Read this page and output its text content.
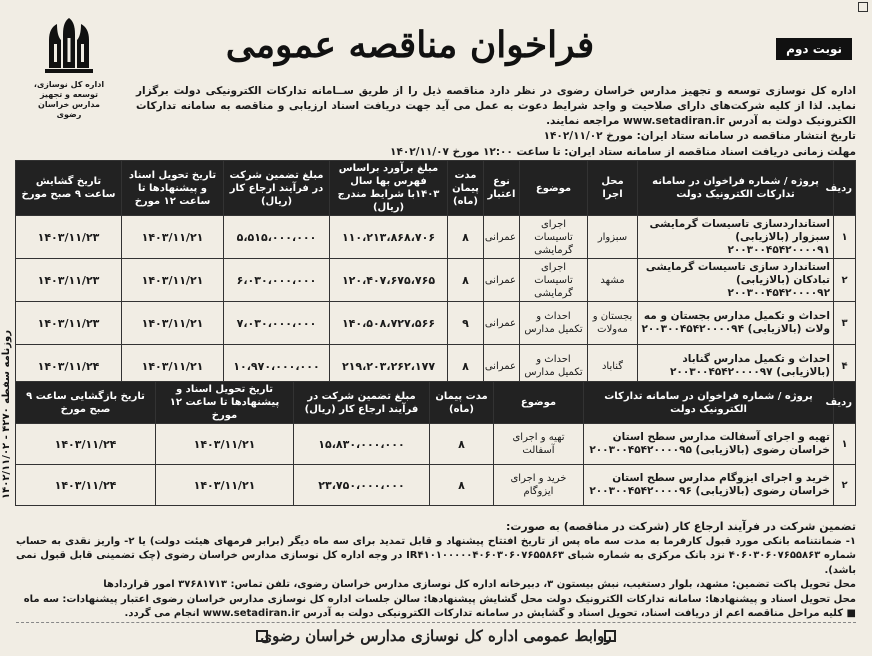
روزنامه سفطه ۴۲۷۰ - ۱۴۰۲/۱۱/۰۲
اداره کل نوسازی، توسعه و تجهیز
مدارس خراسان رضوی
فراخوان مناقصه عمومی	نوبت دوم
اداره کل نوسازی توسعه و تجهیز مدارس خراسان رضوی در نظر دارد مناقصه ذیل را از طریق ســامانه تدارکات الکترونیکی دولت برگزار نماید. لذا از کلیه شرکت‌های دارای صلاحیت و واجد شرایط دعوت به عمل می آید جهت دریافت اسناد ارزیابی و مناقصه به سامانه تدارکات الکترونیک دولت به آدرس www.setadiran.ir مراجعه نمایند.
تاریخ انتشار مناقصه در سامانه ستاد ایران: مورخ ۱۴۰۲/۱۱/۰۲
مهلت زمانی دریافت اسناد مناقصه از سامانه ستاد ایران: تا ساعت ۱۲:۰۰ مورخ ۱۴۰۲/۱۱/۰۷
ردیف	پروژه / شماره فراخوان در سامانه تدارکات الکترونیک دولت	محل اجرا	موضوع	نوع اعتبار	مدت پیمان (ماه)	مبلغ برآورد براساس فهرس بها سال ۱۴۰۳با شرایط مندرج (ریال)	مبلغ تضمین شرکت در فرآیند ارجاع کار (ریال)	تاریخ تحویل اسناد و پیشنهادها تا ساعت ۱۲ مورخ	تاریخ گشایش ساعت ۹ صبح مورخ
۱	استانداردسازی تاسیسات گرمایشی سبزوار (بالازیابی) ۲۰۰۳۰۰۴۵۴۲۰۰۰۰۹۱	سبزوار	اجرای تاسیسات گرمایشی	عمرانی	۸	۱۱۰،۲۱۳،۸۶۸،۷۰۶	۵،۵۱۵،۰۰۰،۰۰۰	۱۴۰۳/۱۱/۲۱	۱۴۰۳/۱۱/۲۳
۲	استاندارد سازی تاسیسات گرمایشی تبادکان (بالازیابی) ۲۰۰۳۰۰۴۵۴۲۰۰۰۰۹۲	مشهد	اجرای تاسیسات گرمایشی	عمرانی	۸	۱۲۰،۴۰۷،۶۷۵،۷۶۵	۶،۰۳۰،۰۰۰،۰۰۰	۱۴۰۳/۱۱/۲۱	۱۴۰۳/۱۱/۲۳
۳	احداث و تکمیل مدارس بجستان و مه ولات (بالازیابی) ۲۰۰۳۰۰۴۵۴۲۰۰۰۰۹۴	بجستان و مه‌ولات	احداث و تکمیل مدارس	عمرانی	۹	۱۴۰،۵۰۸،۷۲۷،۵۶۶	۷،۰۳۰،۰۰۰،۰۰۰	۱۴۰۳/۱۱/۲۱	۱۴۰۳/۱۱/۲۳
۴	احداث و تکمیل مدارس گناباد (بالازیابی) ۲۰۰۳۰۰۴۵۴۲۰۰۰۰۹۷	گناباد	احداث و تکمیل مدارس	عمرانی	۸	۲۱۹،۲۰۳،۲۶۲،۱۷۷	۱۰،۹۷۰،۰۰۰،۰۰۰	۱۴۰۳/۱۱/۲۱	۱۴۰۳/۱۱/۲۴
ردیف	پروژه / شماره فراخوان در سامانه تدارکات الکترونیک دولت	موضوع	مدت پیمان (ماه)	مبلغ تضمین شرکت در فرآیند ارجاع کار (ریال)	تاریخ تحویل اسناد و پیشنهادها تا ساعت ۱۲ مورخ	تاریخ بازگشایی ساعت ۹ صبح مورخ
۱	تهیه و اجرای آسفالت مدارس سطح استان خراسان رضوی (بالازیابی) ۲۰۰۳۰۰۴۵۴۲۰۰۰۰۹۵	تهیه و اجرای آسفالت	۸	۱۵،۸۳۰،۰۰۰،۰۰۰	۱۴۰۳/۱۱/۲۱	۱۴۰۳/۱۱/۲۴
۲	خرید و اجرای ایزوگام مدارس سطح استان خراسان رضوی (بالازیابی) ۲۰۰۳۰۰۴۵۴۲۰۰۰۰۹۶	خرید و اجرای ایزوگام	۸	۲۳،۷۵۰،۰۰۰،۰۰۰	۱۴۰۳/۱۱/۲۱	۱۴۰۳/۱۱/۲۴
تضمین شرکت در فرآیند ارجاع کار (شرکت در مناقصه) به صورت:
۱- ضمانتنامه بانکی مورد قبول کارفرما به مدت سه ماه پس از تاریخ افتتاح پیشنهاد و قابل تمدید برای سه ماه دیگر (برابر فرمهای هیئت دولت) یا ۲- واریز نقدی به حساب شماره ۴۰۶۰۳۰۶۰۷۶۵۵۸۶۳ نزد بانک مرکزی به شماره شبای IR۴۱۰۱۰۰۰۰۰۴۰۶۰۳۰۶۰۷۶۵۵۸۶۳ در وجه اداره کل نوسازی مدارس خراسان رضوی (چک تضمینی قابل قبول نمی باشد).
محل تحویل پاکت تضمین: مشهد، بلوار دستغیب، نبش بیستون ۳، دبیرخانه اداره کل نوسازی مدارس خراسان رضوی، تلفن تماس: ۳۷۶۸۱۷۱۳ امور قراردادها
محل تحویل اسناد و پیشنهادها: سامانه تدارکات الکترونیک دولت محل گشایش پیشنهادها: سالن جلسات اداره کل نوسازی مدارس خراسان رضوی اعتبار پیشنهادات: سه ماه
■ کلیه مراحل مناقصه اعم از دریافت اسناد، تحویل اسناد و گشایش در سامانه تدارکات الکترونیکی دولت به آدرس www.setadiran.ir انجام می گردد.
روابط عمومی اداره کل نوسازی مدارس خراسان رضوی
